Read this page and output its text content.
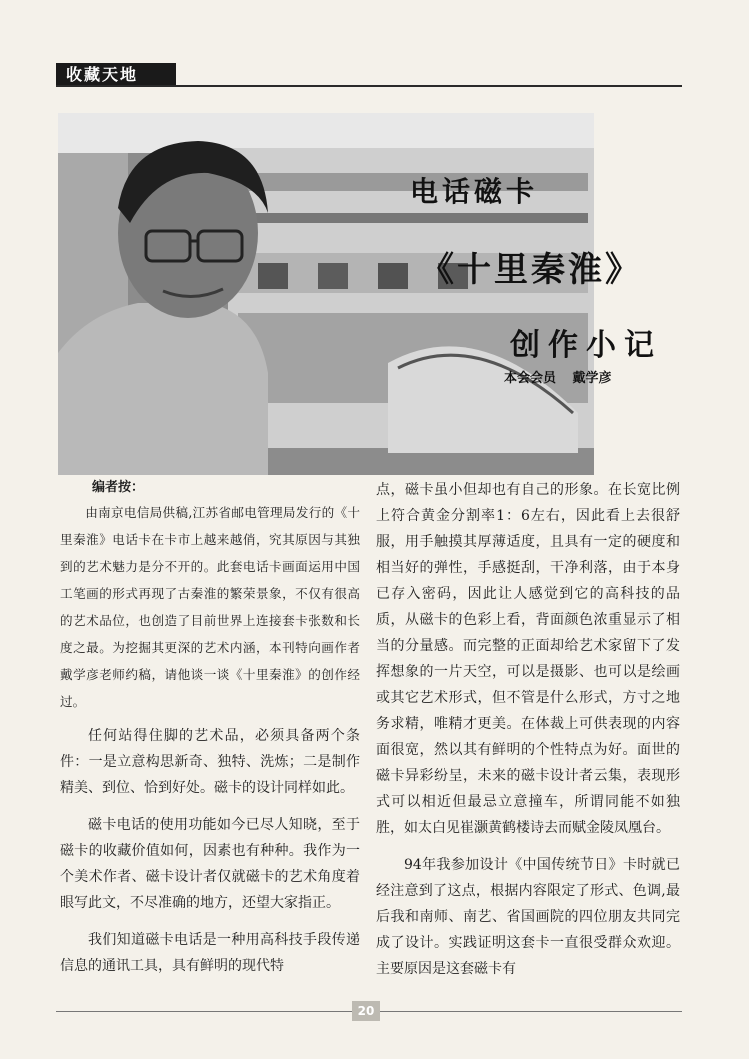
收藏天地
电话磁卡
《十里秦淮》
创作小记
本会会员 戴学彦
编者按：

由南京电信局供稿,江苏省邮电管理局发行的《十里秦淮》电话卡在卡市上越来越俏，究其原因与其独到的艺术魅力是分不开的。此套电话卡画面运用中国工笔画的形式再现了古秦淮的繁荣景象，不仅有很高的艺术品位，也创造了目前世界上连接套卡张数和长度之最。为挖掘其更深的艺术内涵，本刊特向画作者戴学彦老师约稿，请他谈一谈《十里秦淮》的创作经过。

任何站得住脚的艺术品，必须具备两个条件：一是立意构思新奇、独特、洗炼；二是制作精美、到位、恰到好处。磁卡的设计同样如此。

磁卡电话的使用功能如今已尽人知晓，至于磁卡的收藏价值如何，因素也有种种。我作为一个美术作者、磁卡设计者仅就磁卡的艺术角度着眼写此文，不尽准确的地方，还望大家指正。

我们知道磁卡电话是一种用高科技手段传递信息的通讯工具，具有鲜明的现代特

点，磁卡虽小但却也有自己的形象。在长宽比例上符合黄金分割率1：6左右，因此看上去很舒服，用手触摸其厚薄适度，且具有一定的硬度和相当好的弹性，手感挺刮，干净利落，由于本身已存入密码，因此让人感觉到它的高科技的品质，从磁卡的色彩上看，背面颜色浓重显示了相当的分量感。而完整的正面却给艺术家留下了发挥想象的一片天空，可以是摄影、也可以是绘画或其它艺术形式，但不管是什么形式，方寸之地务求精，唯精才更美。在体裁上可供表现的内容面很宽，然以其有鲜明的个性特点为好。面世的磁卡异彩纷呈，未来的磁卡设计者云集，表现形式可以相近但最忌立意撞车，所谓同能不如独胜，如太白见崔灏黄鹤楼诗去而赋金陵凤凰台。

94年我参加设计《中国传统节日》卡时就已经注意到了这点，根据内容限定了形式、色调,最后我和南师、南艺、省国画院的四位朋友共同完成了设计。实践证明这套卡一直很受群众欢迎。主要原因是这套磁卡有

20
